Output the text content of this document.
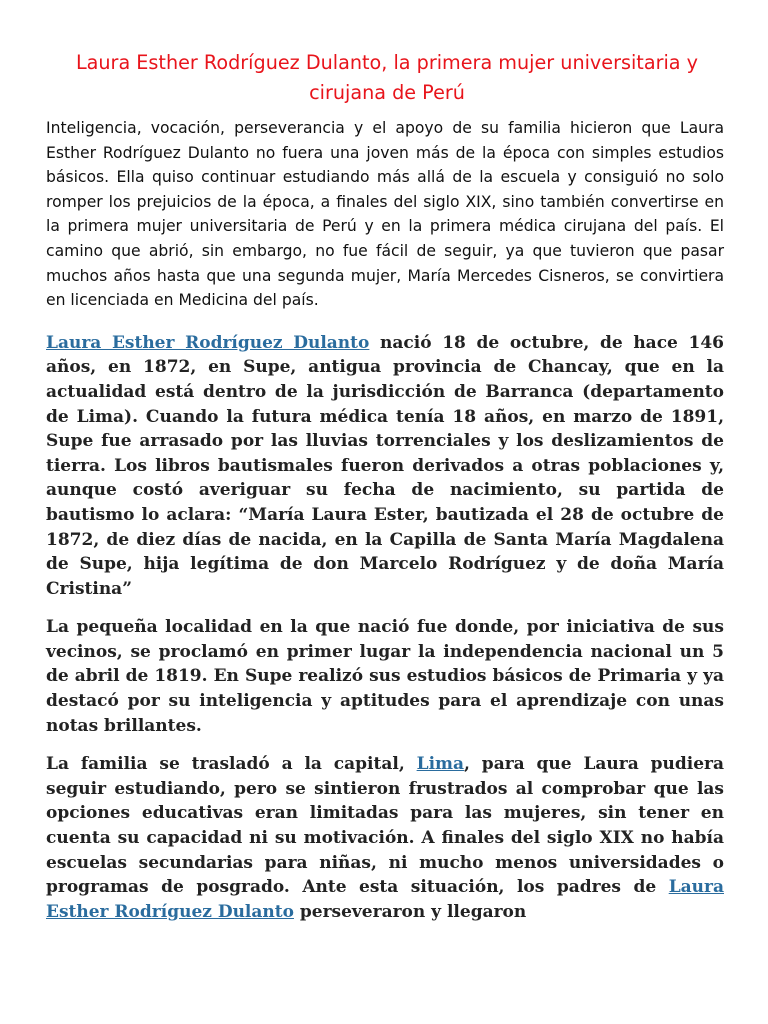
Laura Esther Rodríguez Dulanto, la primera mujer universitaria y cirujana de Perú

Inteligencia, vocación, perseverancia y el apoyo de su familia hicieron que Laura Esther Rodríguez Dulanto no fuera una joven más de la época con simples estudios básicos. Ella quiso continuar estudiando más allá de la escuela y consiguió no solo romper los prejuicios de la época, a finales del siglo XIX, sino también convertirse en la primera mujer universitaria de Perú y en la primera médica cirujana del país. El camino que abrió, sin embargo, no fue fácil de seguir, ya que tuvieron que pasar muchos años hasta que una segunda mujer, María Mercedes Cisneros, se convirtiera en licenciada en Medicina del país.

Laura Esther Rodríguez Dulanto nació 18 de octubre, de hace 146 años, en 1872, en Supe, antigua provincia de Chancay, que en la actualidad está dentro de la jurisdicción de Barranca (departamento de Lima). Cuando la futura médica tenía 18 años, en marzo de 1891, Supe fue arrasado por las lluvias torrenciales y los deslizamientos de tierra. Los libros bautismales fueron derivados a otras poblaciones y, aunque costó averiguar su fecha de nacimiento, su partida de bautismo lo aclara: “María Laura Ester, bautizada el 28 de octubre de 1872, de diez días de nacida, en la Capilla de Santa María Magdalena de Supe, hija legítima de don Marcelo Rodríguez y de doña María Cristina”

La pequeña localidad en la que nació fue donde, por iniciativa de sus vecinos, se proclamó en primer lugar la independencia nacional un 5 de abril de 1819. En Supe realizó sus estudios básicos de Primaria y ya destacó por su inteligencia y aptitudes para el aprendizaje con unas notas brillantes.

La familia se trasladó a la capital, Lima, para que Laura pudiera seguir estudiando, pero se sintieron frustrados al comprobar que las opciones educativas eran limitadas para las mujeres, sin tener en cuenta su capacidad ni su motivación. A finales del siglo XIX no había escuelas secundarias para niñas, ni mucho menos universidades o programas de posgrado. Ante esta situación, los padres de Laura Esther Rodríguez Dulanto perseveraron y llegaron
